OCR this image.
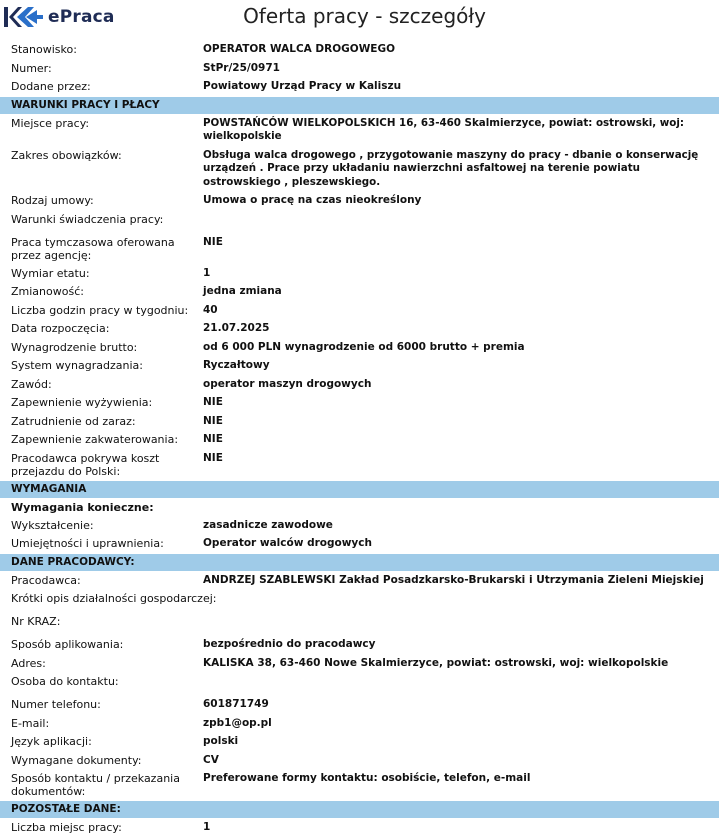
ePraca	Oferta pracy - szczegóły
Stanowisko:	OPERATOR WALCA DROGOWEGO
Numer:	StPr/25/0971
Dodane przez:	Powiatowy Urząd Pracy w Kaliszu
WARUNKI PRACY I PŁACY
Miejsce pracy:	POWSTAŃCÓW WIELKOPOLSKICH 16, 63-460 Skalmierzyce, powiat: ostrowski, woj: wielkopolskie
Zakres obowiązków:	Obsługa walca drogowego , przygotowanie maszyny do pracy - dbanie o konserwację urządzeń . Prace przy układaniu nawierzchni asfaltowej na terenie powiatu ostrowskiego , pleszewskiego.
Rodzaj umowy:	Umowa o pracę na czas nieokreślony
Warunki świadczenia pracy:
Praca tymczasowa oferowana przez agencję:
NIE
Wymiar etatu:	1
Zmianowość:	jedna zmiana
Liczba godzin pracy w tygodniu:	40
Data rozpoczęcia:	21.07.2025
Wynagrodzenie brutto:	od 6 000 PLN wynagrodzenie od 6000 brutto + premia
System wynagradzania:	Ryczałtowy
Zawód:	operator maszyn drogowych
Zapewnienie wyżywienia:	NIE
Zatrudnienie od zaraz:	NIE
Zapewnienie zakwaterowania:	NIE
Pracodawca pokrywa koszt przejazdu do Polski:
NIE
WYMAGANIA
Wymagania konieczne:
Wykształcenie:	zasadnicze zawodowe
Umiejętności i uprawnienia:	Operator walców drogowych
DANE PRACODAWCY:
Pracodawca:	ANDRZEJ SZABLEWSKI Zakład Posadzkarsko-Brukarski i Utrzymania Zieleni Miejskiej
Krótki opis działalności gospodarczej:
Nr KRAZ:
Sposób aplikowania:	bezpośrednio do pracodawcy
Adres:	KALISKA 38, 63-460 Nowe Skalmierzyce, powiat: ostrowski, woj: wielkopolskie
Osoba do kontaktu:
Numer telefonu:	601871749
E-mail:	zpb1@op.pl
Język aplikacji:	polski
Wymagane dokumenty:	CV
Sposób kontaktu / przekazania dokumentów:
Preferowane formy kontaktu: osobiście, telefon, e-mail
POZOSTAŁE DANE:
Liczba miejsc pracy:	1
